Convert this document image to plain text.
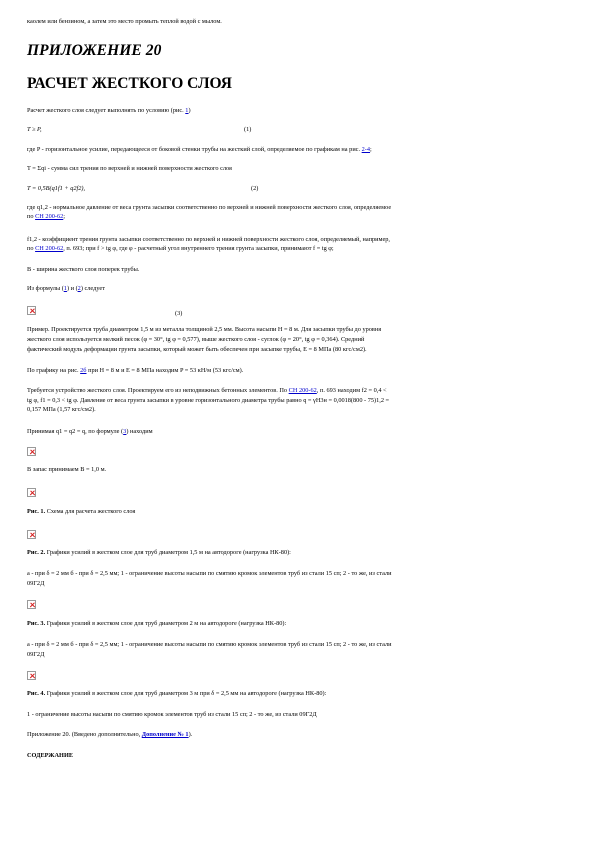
каолем или бензином, а затем это место промыть теплой водой с мылом.
ПРИЛОЖЕНИЕ 20
РАСЧЕТ ЖЕСТКОГО СЛОЯ
Расчет жесткого слоя следует выполнять по условию (рис. 1)
T ≥ P,	(1)
где P - горизонтальное усилие, передающееся от боковой стенки трубы на жесткий слой, определяемое по графикам на рис. 2-4;
T = Σqi - сумма сил трения по верхней и нижней поверхности жесткого слоя
T = 0,5B(q1f1 + q2f2),	(2)
где q1,2 - нормальное давление от веса грунта засыпки соответственно по верхней и нижней поверхности жесткого слоя, определяемое
по СН 200-62;
f1,2 - коэффициент трения грунта засыпки соответственно по верхней и нижней поверхности жесткого слоя, определяемый, например,
по СН 200-62, п. 693; при f > tg φ, где φ - расчетный угол внутреннего трения грунта засыпки, принимают f = tg φ;
B - ширина жесткого слоя поперек трубы.
Из формулы (1) и (2) следует
(3)
Пример. Проектируется труба диаметром 1,5 м из металла толщиной 2,5 мм. Высота насыпи H = 8 м. Для засыпки трубы до уровня
жесткого слоя используется мелкий песок (φ = 30°, tg φ = 0,577), выше жесткого слоя - суглок (φ = 20°, tg φ = 0,364). Средний
фактический модуль деформации грунта засыпки, который может быть обеспечен при засыпке трубы, E = 8 МПа (80 кгс/см2).
По графику на рис. 2б при H = 8 м и E = 8 МПа находим P = 53 кН/м (53 кгс/см).
Требуется устройство жесткого слоя. Проектируем его из неподвижных бетонных элементов. По СН 200-62, п. 693 находим f2 = 0,4 <
tg φ, f1 = 0,3 < tg φ. Давление от веса грунта засыпки в уровне горизонтального диаметра трубы равно q = γH3н = 0,0018(800 - 75)1,2 =
0,157 МПа (1,57 кгс/см2).
Принимая q1 = q2 = q, по формуле (3) находим
В запас принимаем B = 1,0 м.
Рис. 1. Схема для расчета жесткого слоя
Рис. 2. Графики усилий в жестком слое для труб диаметром 1,5 м на автодороге (нагрузка НК-80):
а - при δ = 2 мм б - при δ = 2,5 мм; 1 - ограничение высоты насыпи по смятию кромок элементов труб из стали 15 сп; 2 - то же, из стали
09Г2Д
Рис. 3. Графики усилий в жестком слое для труб диаметром 2 м на автодороге (нагрузка НК-80):
а - при δ = 2 мм б - при δ = 2,5 мм; 1 - ограничение высоты насыпи по смятию кромок элементов труб из стали 15 сп; 2 - то же, из стали
09Г2Д
Рис. 4. Графики усилий в жестком слое для труб диаметром 3 м при δ = 2,5 мм на автодороге (нагрузка НК-80):
1 - ограничение высоты насыпи по смятию кромок элементов труб из стали 15 сп; 2 - то же, из стали 09Г2Д
Приложение 20. (Введено дополнительно, Дополнение № 1).
СОДЕРЖАНИЕ
